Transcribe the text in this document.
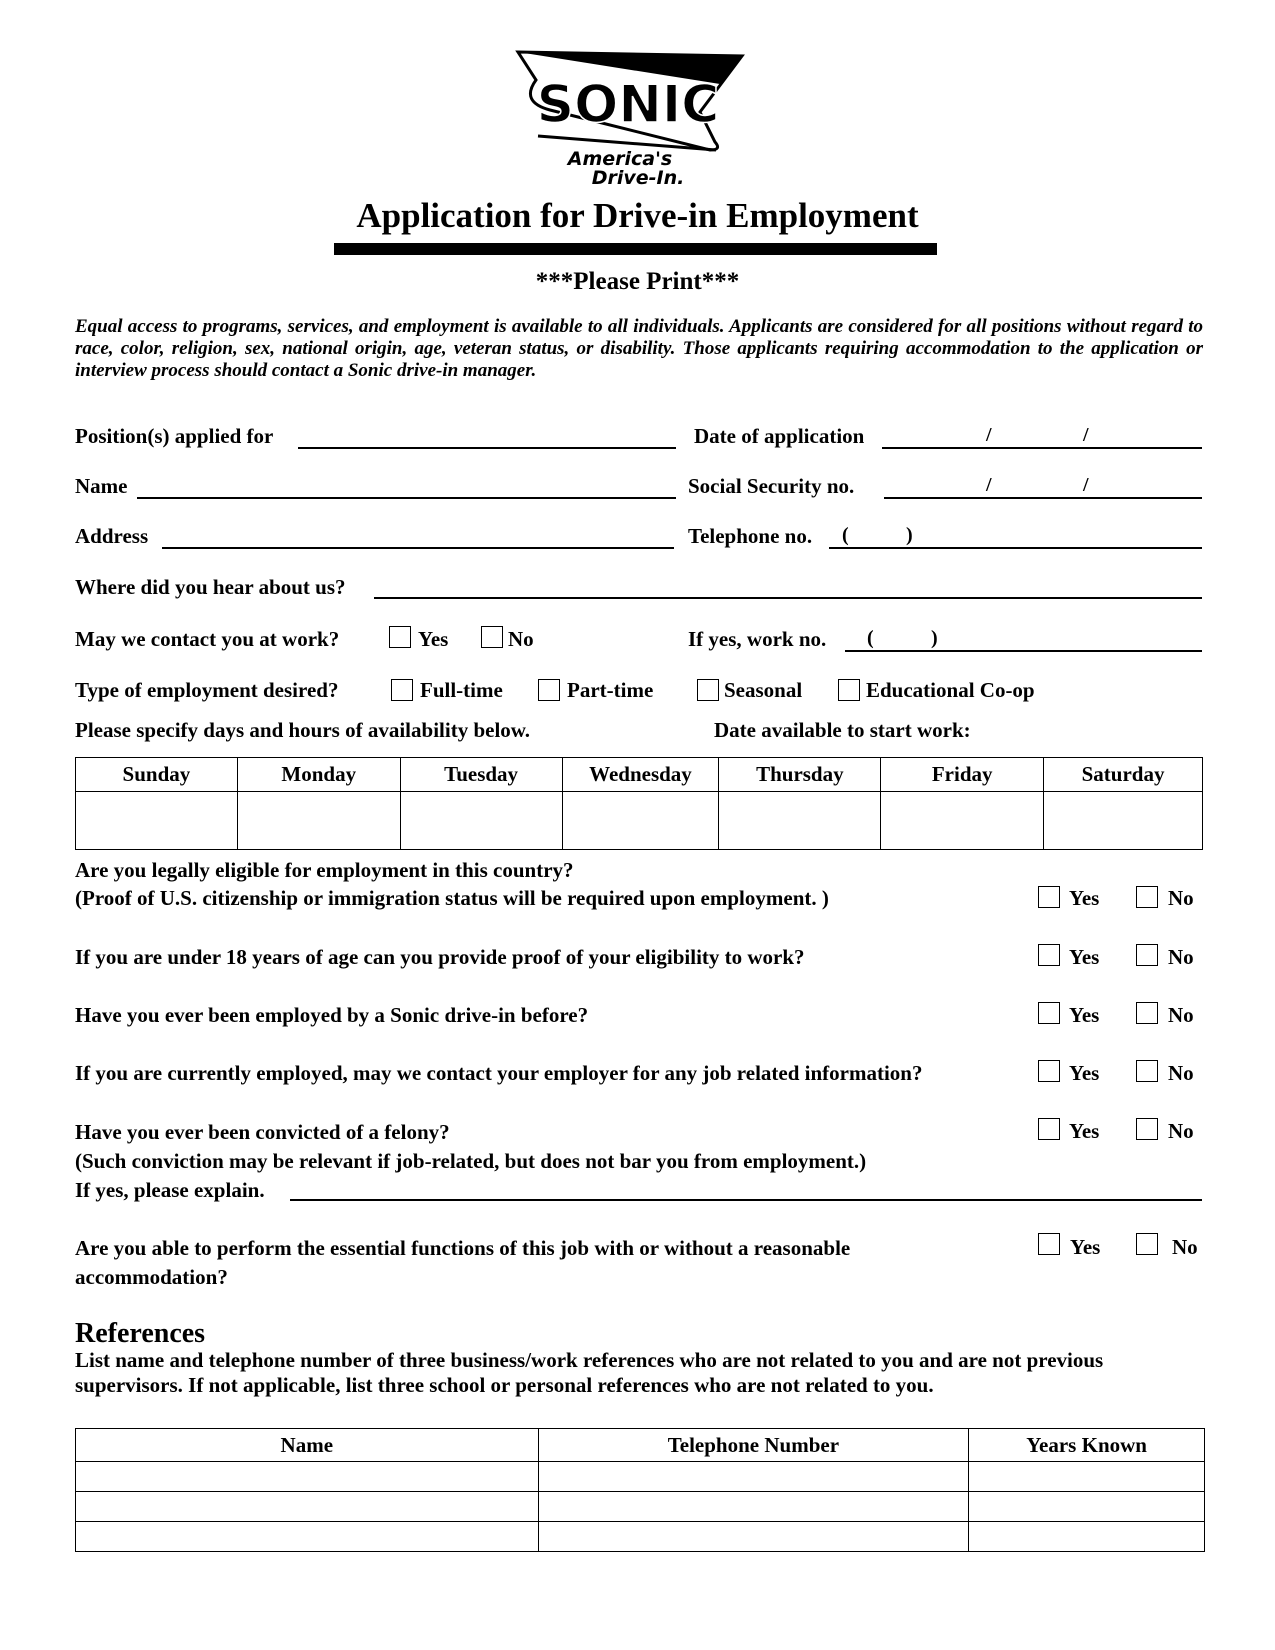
SONIC
America's
Drive-In.
Application for Drive-in Employment
***Please Print***
Equal access to programs, services, and employment is available to all individuals. Applicants are considered for all positions without regard to race, color, religion, sex, national origin, age, veteran status, or disability. Those applicants requiring accommodation to the application or interview process should contact a Sonic drive-in manager.
Position(s) applied for	Date of application	/	/
Name	Social Security no.	/	/
Address	Telephone no. (	)
Where did you hear about us?
May we contact you at work?	Yes	No	If yes, work no. (	)
Type of employment desired?	Full-time	Part-time	Seasonal	Educational Co-op
Please specify days and hours of availability below.	Date available to start work:
Sunday	Monday	Tuesday	Wednesday	Thursday	Friday	Saturday

Are you legally eligible for employment in this country?
(Proof of U.S. citizenship or immigration status will be required upon employment. )	Yes	No
If you are under 18 years of age can you provide proof of your eligibility to work?	Yes	No
Have you ever been employed by a Sonic drive-in before?	Yes	No
If you are currently employed, may we contact your employer for any job related information?	Yes	No
Have you ever been convicted of a felony?
(Such conviction may be relevant if job-related, but does not bar you from employment.)
If yes, please explain.
Yes	No
Are you able to perform the essential functions of this job with or without a reasonable
accommodation?
Yes	No
References
List name and telephone number of three business/work references who are not related to you and are not previous supervisors. If not applicable, list three school or personal references who are not related to you.
Name	Telephone Number	Years Known
